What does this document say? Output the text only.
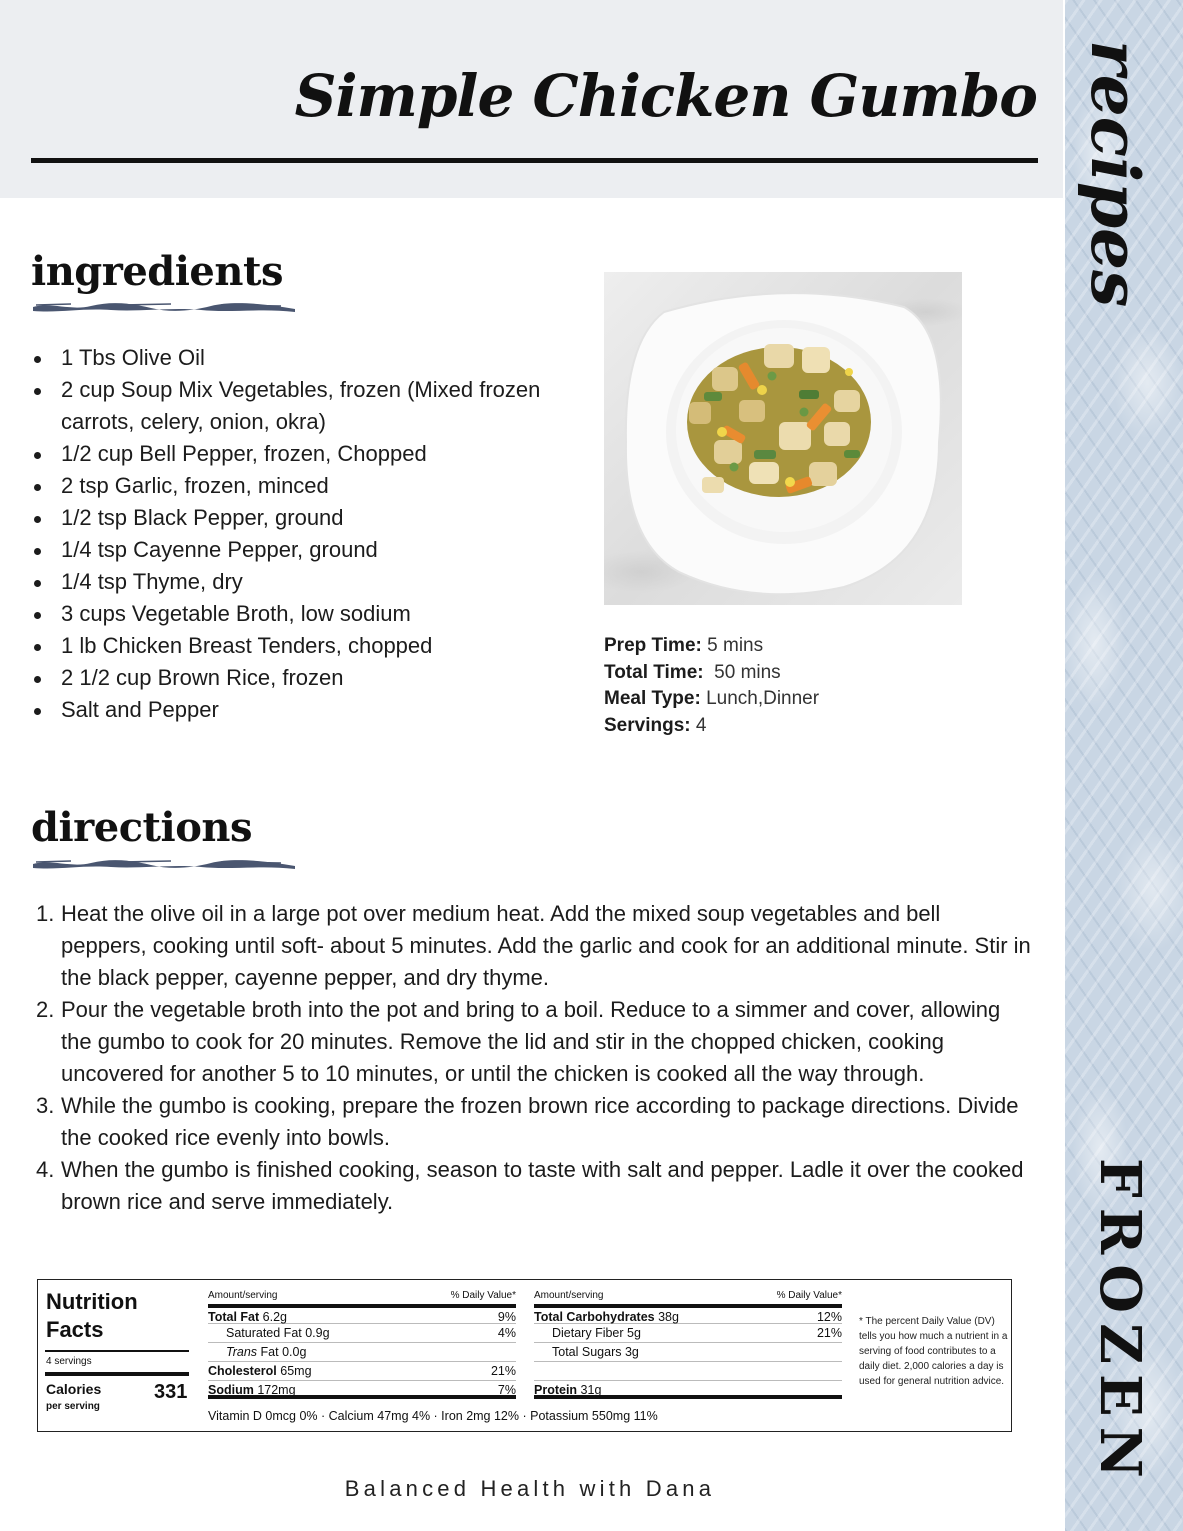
Simple Chicken Gumbo recipes
FROZEN
ingredients
1 Tbs Olive Oil
2 cup Soup Mix Vegetables, frozen (Mixed frozen carrots, celery, onion, okra)
1/2 cup Bell Pepper, frozen, Chopped
2 tsp Garlic, frozen, minced
1/2 tsp Black Pepper, ground
1/4 tsp Cayenne Pepper, ground
1/4 tsp Thyme, dry
3 cups Vegetable Broth, low sodium
1 lb Chicken Breast Tenders, chopped
2 1/2 cup Brown Rice, frozen
Salt and Pepper
Prep Time: 5 mins
Total Time: 50 mins
Meal Type: Lunch,Dinner
Servings: 4
directions
1. Heat the olive oil in a large pot over medium heat. Add the mixed soup vegetables and bell peppers, cooking until soft- about 5 minutes. Add the garlic and cook for an additional minute. Stir in the black pepper, cayenne pepper, and dry thyme.
2. Pour the vegetable broth into the pot and bring to a boil. Reduce to a simmer and cover, allowing the gumbo to cook for 20 minutes. Remove the lid and stir in the chopped chicken, cooking uncovered for another 5 to 10 minutes, or until the chicken is cooked all the way through.
3. While the gumbo is cooking, prepare the frozen brown rice according to package directions. Divide the cooked rice evenly into bowls.
4. When the gumbo is finished cooking, season to taste with salt and pepper. Ladle it over the cooked brown rice and serve immediately.
Nutrition Facts
4 servings
Calories
per serving
331
Amount/serving	% Daily Value*
Total Fat 6.2g	9%
Saturated Fat 0.9g	4%
Trans Fat 0.0g
Cholesterol 65mg	21%
Sodium 172mg	7%
Amount/serving	% Daily Value*
Total Carbohydrates 38g	12%
Dietary Fiber 5g	21%
Total Sugars 3g
Protein 31g
Vitamin D 0mcg 0% · Calcium 47mg 4% · Iron 2mg 12% · Potassium 550mg 11%
* The percent Daily Value (DV) tells you how much a nutrient in a serving of food contributes to a daily diet. 2,000 calories a day is used for general nutrition advice.
Balanced Health with Dana
